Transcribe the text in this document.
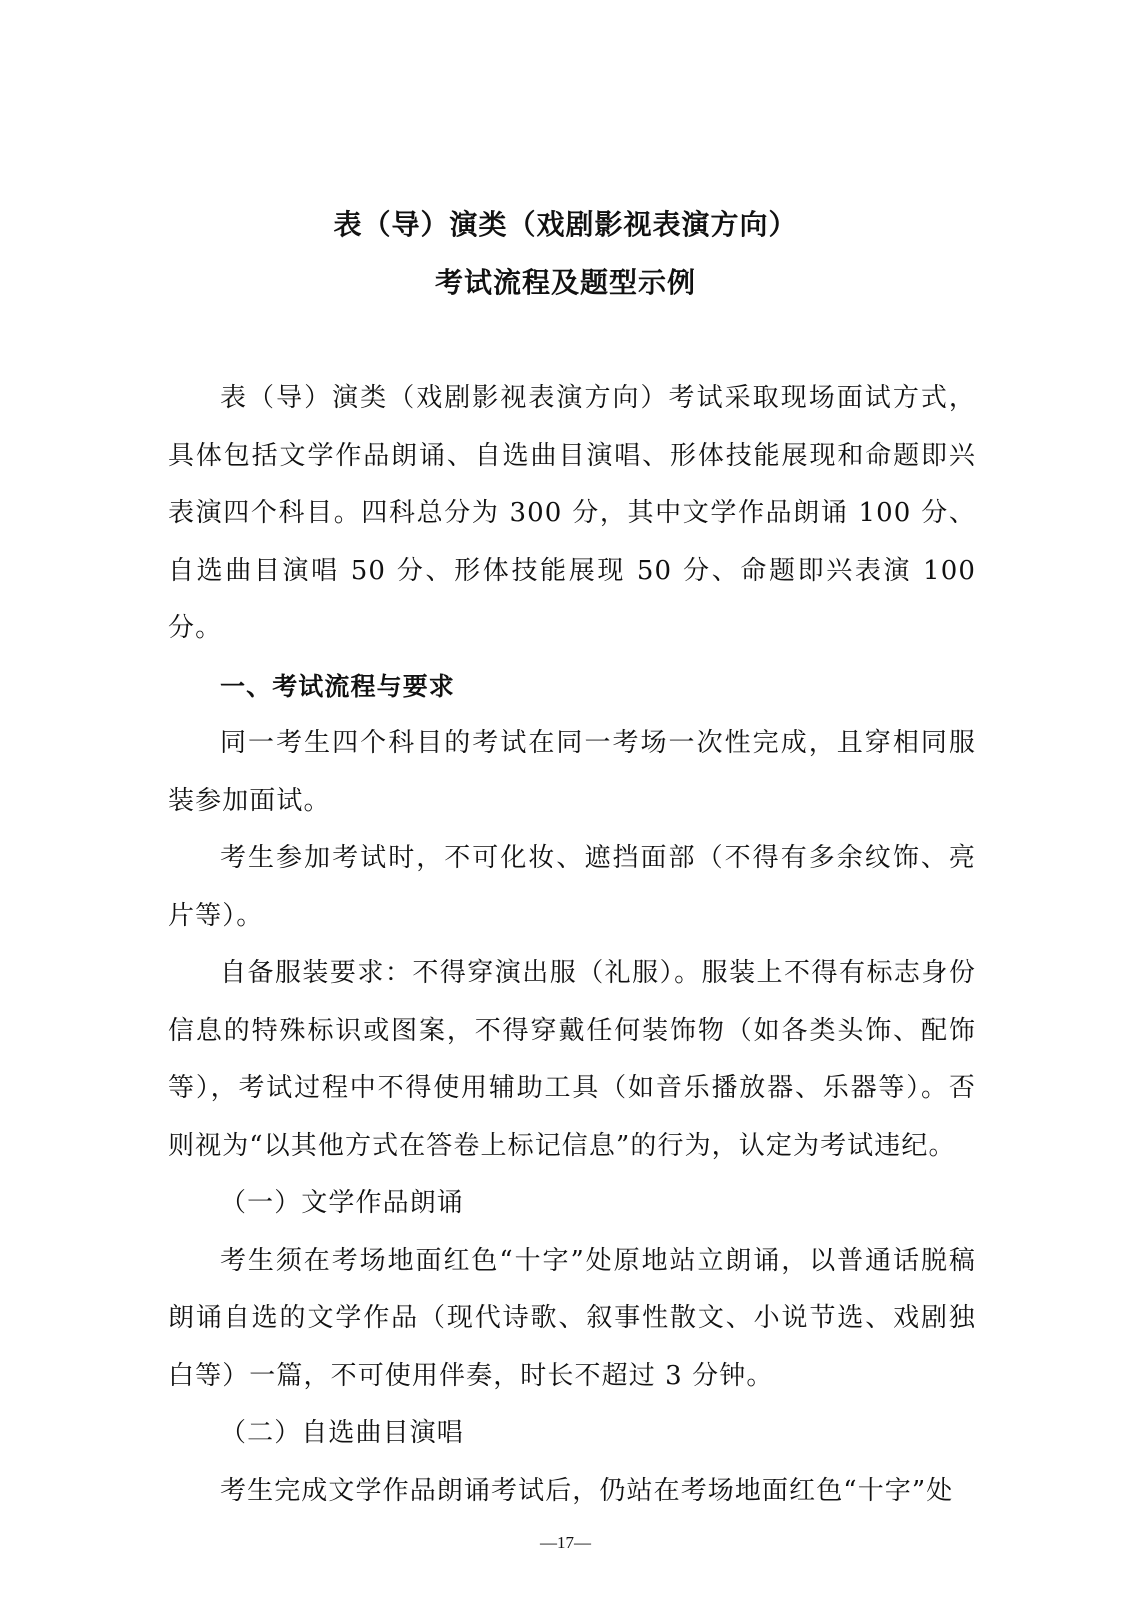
表（导）演类（戏剧影视表演方向）
考试流程及题型示例

表（导）演类（戏剧影视表演方向）考试采取现场面试方式，具体包括文学作品朗诵、自选曲目演唱、形体技能展现和命题即兴表演四个科目。四科总分为 300 分，其中文学作品朗诵 100 分、自选曲目演唱 50 分、形体技能展现 50 分、命题即兴表演 100 分。

一、考试流程与要求

同一考生四个科目的考试在同一考场一次性完成，且穿相同服装参加面试。

考生参加考试时，不可化妆、遮挡面部（不得有多余纹饰、亮片等）。

自备服装要求：不得穿演出服（礼服）。服装上不得有标志身份信息的特殊标识或图案，不得穿戴任何装饰物（如各类头饰、配饰等），考试过程中不得使用辅助工具（如音乐播放器、乐器等）。否则视为“以其他方式在答卷上标记信息”的行为，认定为考试违纪。

（一）文学作品朗诵

考生须在考场地面红色“十字”处原地站立朗诵，以普通话脱稿朗诵自选的文学作品（现代诗歌、叙事性散文、小说节选、戏剧独白等）一篇，不可使用伴奏，时长不超过 3 分钟。

（二）自选曲目演唱

考生完成文学作品朗诵考试后，仍站在考场地面红色“十字”处

—17—
